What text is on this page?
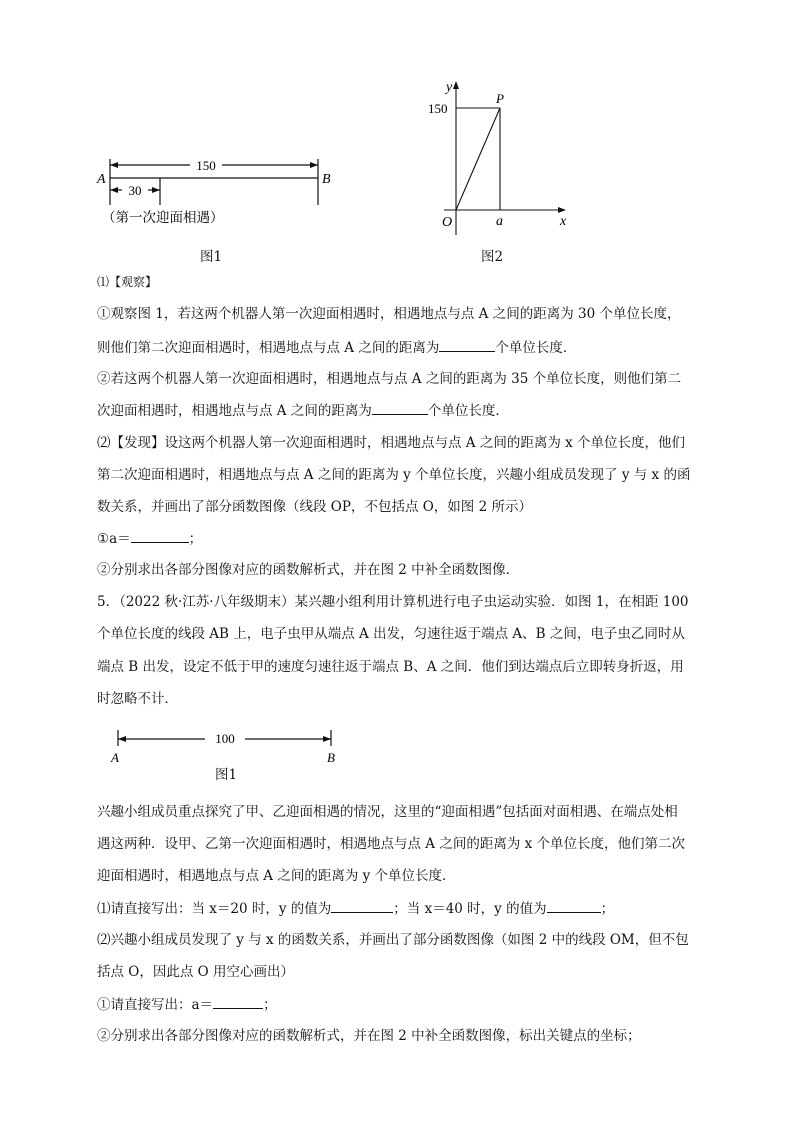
150
30
A	B
（第一次迎面相遇）
图1
y
x
P
O	a
150
图2
⑴【观察】
①观察图 1，若这两个机器人第一次迎面相遇时，相遇地点与点 A 之间的距离为 30 个单位长度，
则他们第二次迎面相遇时，相遇地点与点 A 之间的距离为	个单位长度．
②若这两个机器人第一次迎面相遇时，相遇地点与点 A 之间的距离为 35 个单位长度，则他们第二
次迎面相遇时，相遇地点与点 A 之间的距离为	个单位长度．
⑵【发现】设这两个机器人第一次迎面相遇时，相遇地点与点 A 之间的距离为 x 个单位长度，他们
第二次迎面相遇时，相遇地点与点 A 之间的距离为 y 个单位长度，兴趣小组成员发现了 y 与 x 的函
数关系，并画出了部分函数图像（线段 OP，不包括点 O，如图 2 所示）
①a＝	；
②分别求出各部分图像对应的函数解析式，并在图 2 中补全函数图像．
5．（2022 秋·江苏·八年级期末）某兴趣小组利用计算机进行电子虫运动实验．如图 1，在相距 100
个单位长度的线段 AB 上，电子虫甲从端点 A 出发，匀速往返于端点 A、B 之间，电子虫乙同时从
端点 B 出发，设定不低于甲的速度匀速往返于端点 B、A 之间．他们到达端点后立即转身折返，用
时忽略不计．
100
A	B
图1
兴趣小组成员重点探究了甲、乙迎面相遇的情况，这里的“迎面相遇”包括面对面相遇、在端点处相
遇这两种．设甲、乙第一次迎面相遇时，相遇地点与点 A 之间的距离为 x 个单位长度，他们第二次
迎面相遇时，相遇地点与点 A 之间的距离为 y 个单位长度．
⑴请直接写出：当 x＝20 时，y 的值为	；当 x＝40 时，y 的值为	；
⑵兴趣小组成员发现了 y 与 x 的函数关系，并画出了部分函数图像（如图 2 中的线段 OM，但不包
括点 O，因此点 O 用空心画出）
①请直接写出：a＝	；
②分别求出各部分图像对应的函数解析式，并在图 2 中补全函数图像，标出关键点的坐标；
